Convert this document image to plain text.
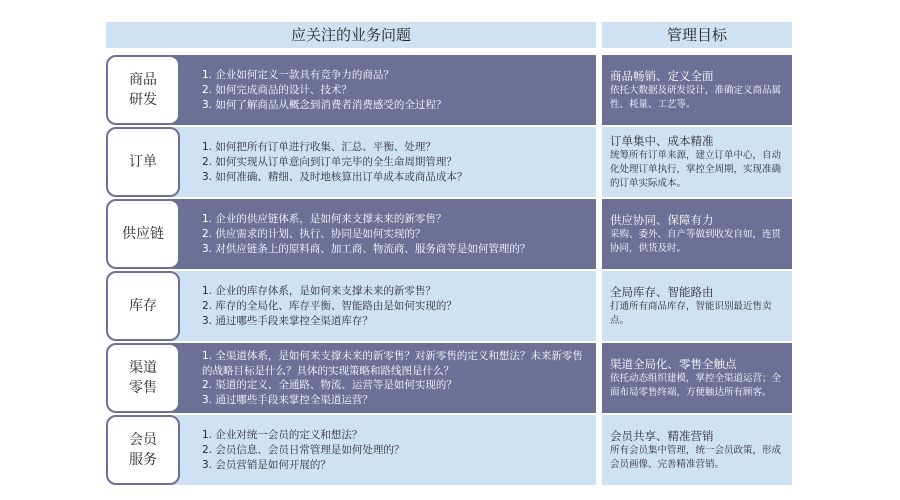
应关注的业务问题	管理目标
1. 企业如何定义一款具有竞争力的商品？
2. 如何完成商品的设计、技术？
3. 如何了解商品从概念到消费者消费感受的全过程？
商品
研发
商品畅销、定义全面
依托大数据及研发设计，准确定义商品属性、耗量、工艺等。
1. 如何把所有订单进行收集、汇总、平衡、处理？
2. 如何实现从订单意向到订单完毕的全生命周期管理？
3. 如何准确、精细、及时地核算出订单成本或商品成本？
订单
订单集中、成本精准
统筹所有订单来源，建立订单中心，自动化处理订单执行，掌控全周期，实现准确的订单实际成本。
1. 企业的供应链体系，是如何来支撑未来的新零售？
2. 供应需求的计划、执行、协同是如何实现的？
3. 对供应链条上的原料商、加工商、物流商、服务商等是如何管理的？
供应链
供应协同、保障有力
采购、委外、自产等做到收发自如，连贯协同，供货及时。
1. 企业的库存体系，是如何来支撑未来的新零售？
2. 库存的全局化、库存平衡、智能路由是如何实现的？
3. 通过哪些手段来掌控全渠道库存？
库存
全局库存、智能路由
打通所有商品库存，智能识别最近售卖点。
1. 全渠道体系，是如何来支撑未来的新零售？对新零售的定义和想法？未来新零售的战略目标是什么？具体的实现策略和路线图是什么？
2. 渠道的定义、全通路、物流、运营等是如何实现的？
3. 通过哪些手段来掌控全渠道运营？
渠道
零售
渠道全局化、零售全触点
依托动态组织建模，掌控全渠道运营；全面布局零售终端，方便触达所有顾客。
1. 企业对统一会员的定义和想法？
2. 会员信息、会员日常管理是如何处理的？
3. 会员营销是如何开展的？
会员
服务
会员共享、精准营销
所有会员集中管理，统一会员政策，形成会员画像、完善精准营销。
